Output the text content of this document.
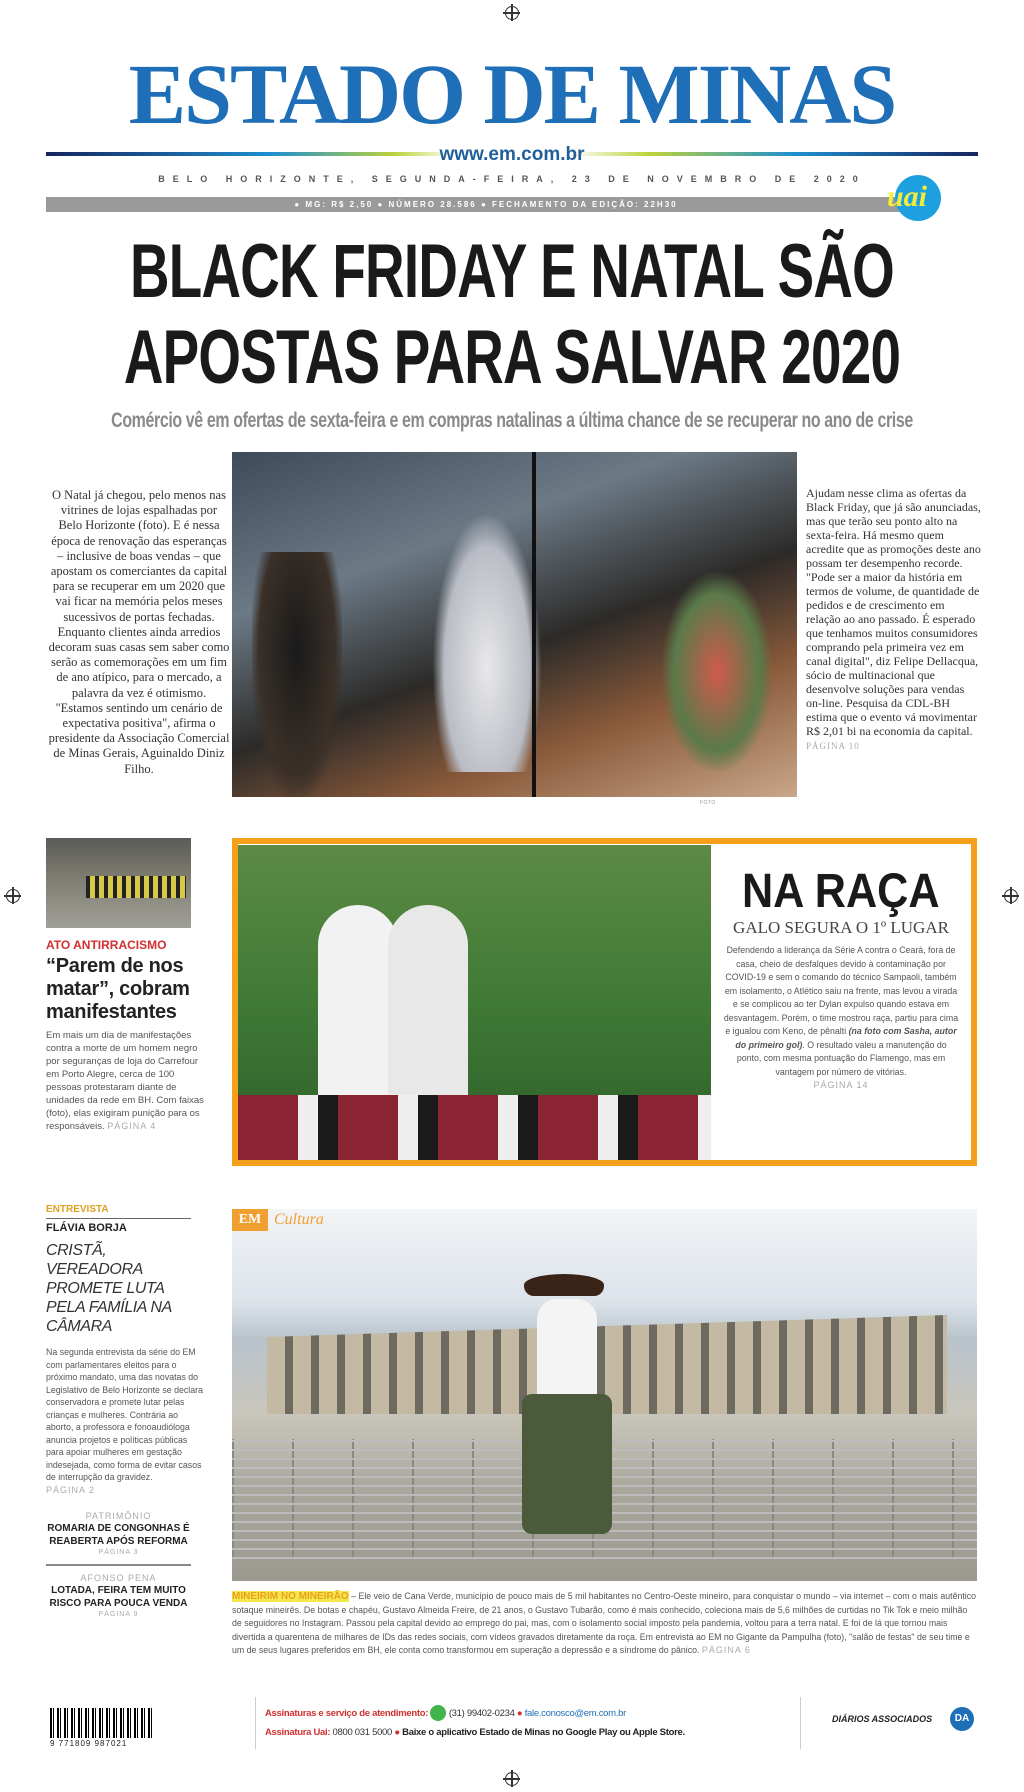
ESTADO DE MINAS
www.em.com.br
BELO HORIZONTE, SEGUNDA-FEIRA, 23 DE NOVEMBRO DE 2020
● MG: R$ 2,50 ● NÚMERO 28.586 ● FECHAMENTO DA EDIÇÃO: 22H30	uai
BLACK FRIDAY E NATAL SÃO
APOSTAS PARA SALVAR 2020
Comércio vê em ofertas de sexta-feira e em compras natalinas a última chance de se recuperar no ano de crise
O Natal já chegou, pelo menos nas vitrines de lojas espalhadas por Belo Horizonte (foto). E é nessa época de renovação das esperanças – inclusive de boas vendas – que apostam os comerciantes da capital para se recuperar em um 2020 que vai ficar na memória pelos meses sucessivos de portas fechadas. Enquanto clientes ainda arredios decoram suas casas sem saber como serão as comemorações em um fim de ano atípico, para o mercado, a palavra da vez é otimismo. "Estamos sentindo um cenário de expectativa positiva", afirma o presidente da Associação Comercial de Minas Gerais, Aguinaldo Diniz Filho.
FOTO
Ajudam nesse clima as ofertas da Black Friday, que já são anunciadas, mas que terão seu ponto alto na sexta-feira. Há mesmo quem acredite que as promoções deste ano possam ter desempenho recorde. "Pode ser a maior da história em termos de volume, de quantidade de pedidos e de crescimento em relação ao ano passado. É esperado que tenhamos muitos consumidores comprando pela primeira vez em canal digital", diz Felipe Dellacqua, sócio de multinacional que desenvolve soluções para vendas on-line. Pesquisa da CDL-BH estima que o evento vá movimentar R$ 2,01 bi na economia da capital. PÁGINA 10
ATO ANTIRRACISMO
“Parem de nos matar”, cobram manifestantes
Em mais um dia de manifestações contra a morte de um homem negro por seguranças de loja do Carrefour em Porto Alegre, cerca de 100 pessoas protestaram diante de unidades da rede em BH. Com faixas (foto), elas exigiram punição para os responsáveis. PÁGINA 4
NA RAÇA
GALO SEGURA O 1º LUGAR
Defendendo a liderança da Série A contra o Ceará, fora de casa, cheio de desfalques devido à contaminação por COVID-19 e sem o comando do técnico Sampaoli, também em isolamento, o Atlético saiu na frente, mas levou a virada e se complicou ao ter Dylan expulso quando estava em desvantagem. Porém, o time mostrou raça, partiu para cima e igualou com Keno, de pênalti (na foto com Sasha, autor do primeiro gol). O resultado valeu a manutenção do ponto, com mesma pontuação do Flamengo, mas em vantagem por número de vitórias.
PÁGINA 14
ENTREVISTA
FLÁVIA BORJA
CRISTÃ, VEREADORA PROMETE LUTA PELA FAMÍLIA NA CÂMARA
Na segunda entrevista da série do EM com parlamentares eleitos para o próximo mandato, uma das novatas do Legislativo de Belo Horizonte se declara conservadora e promete lutar pelas crianças e mulheres. Contrária ao aborto, a professora e fonoaudióloga anuncia projetos e políticas públicas para apoiar mulheres em gestação indesejada, como forma de evitar casos de interrupção da gravidez.
PÁGINA 2
PATRIMÔNIO
ROMARIA DE CONGONHAS É REABERTA APÓS REFORMA
PÁGINA 3
AFONSO PENA
LOTADA, FEIRA TEM MUITO RISCO PARA POUCA VENDA
PÁGINA 9
EM Cultura
MINEIRIM NO MINEIRÃO – Ele veio de Cana Verde, município de pouco mais de 5 mil habitantes no Centro-Oeste mineiro, para conquistar o mundo – via internet – com o mais autêntico sotaque mineirês. De botas e chapéu, Gustavo Almeida Freire, de 21 anos, o Gustavo Tubarão, como é mais conhecido, coleciona mais de 5,6 milhões de curtidas no Tik Tok e meio milhão de seguidores no Instagram. Passou pela capital devido ao emprego do pai, mas, com o isolamento social imposto pela pandemia, voltou para a terra natal. E foi de lá que tornou mais divertida a quarentena de milhares de IDs das redes sociais, com vídeos gravados diretamente da roça. Em entrevista ao EM no Gigante da Pampulha (foto), "salão de festas" de seu time e um de seus lugares preferidos em BH, ele conta como transformou em superação a depressão e a síndrome do pânico. PÁGINA 6
9 771809 987021
Assinaturas e serviço de atendimento: (31) 99402-0234 ● fale.conosco@em.com.br
Assinatura Uai: 0800 031 5000 ● Baixe o aplicativo Estado de Minas no Google Play ou Apple Store.
DIÁRIOS ASSOCIADOS	DA
